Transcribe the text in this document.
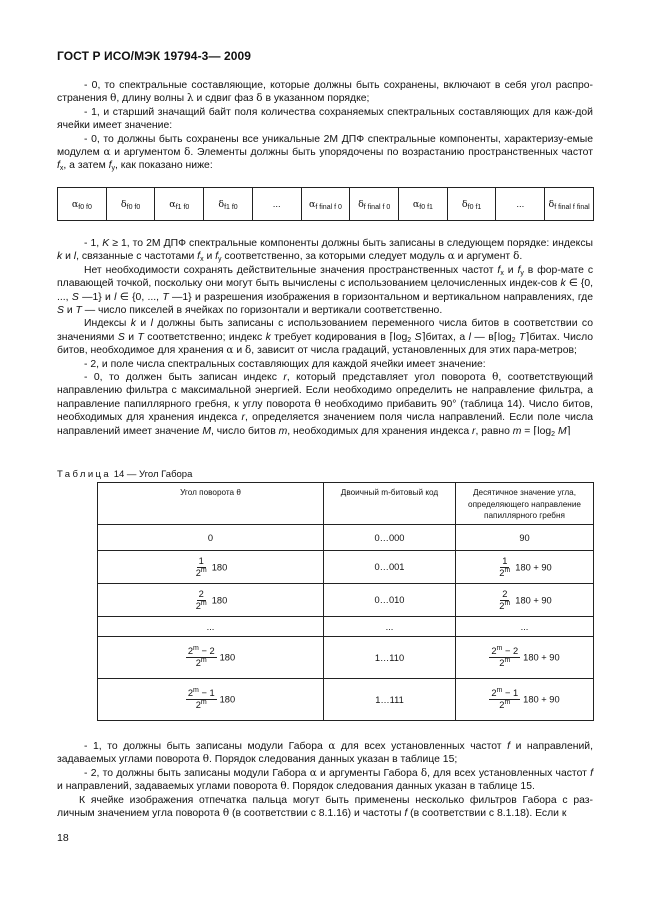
ГОСТ Р ИСО/МЭК 19794-3— 2009

- 0, то спектральные составляющие, которые должны быть сохранены, включают в себя угол распро-странения θ, длину волны λ и сдвиг фаз δ в указанном порядке;

- 1, и старший значащий байт поля количества сохраняемых спектральных составляющих для каж-дой ячейки имеет значение:

- 0, то должны быть сохранены все уникальные 2М ДПФ спектральные компоненты, характеризу-емые модулем α и аргументом δ. Элементы должны быть упорядочены по возрастанию пространственных частот $f_x$, а затем $f_y$, как показано ниже:

$\alpha_{f0 f0}$	$\delta_{f0 f0}$	$\alpha_{f1 f0}$	$\delta_{f1 f0}$	...	$\alpha_{f final f 0}$	$\delta_{f final f 0}$	$\alpha_{f0 f1}$	$\delta_{f0 f1}$	...	$\delta_{f final f final}$

- 1, K ≥ 1, то 2М ДПФ спектральные компоненты должны быть записаны в следующем порядке: индексы k и l, связанные с частотами $f_x$ и $f_y$ соответственно, за которыми следует модуль α и аргумент δ.

Нет необходимости сохранять действительные значения пространственных частот $f_x$ и $f_y$ в фор-мате с плавающей точкой, поскольку они могут быть вычислены с использованием целочисленных индек-сов k ∈ {0, ..., S —1} и l ∈ {0, ..., T —1} и разрешения изображения в горизонтальном и вертикальном направлениях, где S и T — число пикселей в ячейках по горизонтали и вертикали соответственно.

Индексы k и l должны быть записаны с использованием переменного числа битов в соответствии со значениями S и T соответственно; индекс k требует кодирования в $⌈\log_2$ S⌉битах, а l — $в⌈\log_2$ T⌉битах. Число битов, необходимое для хранения α и δ, зависит от числа градаций, установленных для этих пара-метров;

- 2, и поле числа спектральных составляющих для каждой ячейки имеет значение:

- 0, то должен быть записан индекс r, который представляет угол поворота θ, соответствующий направлению фильтра с максимальной энергией. Если необходимо определить не направление фильтра, а направление папиллярного гребня, к углу поворота θ необходимо прибавить 90° (таблица 14). Число битов, необходимых для хранения индекса r, определяется значением поля числа направлений. Если поле числа направлений имеет значение M, число битов m, необходимых для хранения индекса r, равно $m = ⌈\log_2$ M⌉

Таблица 14 — Угол Габора
Угол поворота θ	Двоичный m-битовый код	Десятичное значение угла, определяющего направление папиллярного гребня
0	0…000	90

$\frac{1}{2^m} 180$	0…001	$\frac{1}{2^m} 180 + 90$

$\frac{2}{2^m} 180$	0…010	$\frac{2}{2^m} 180 + 90$
...	...	...

$\frac{2^m - 2}{2^m} 180$	1…110	$\frac{2^m - 2}{2^m} 180 + 90$

$\frac{2^m - 1}{2^m} 180$	1…111	$\frac{2^m - 1}{2^m} 180 + 90$

- 1, то должны быть записаны модули Габора α для всех установленных частот f и направлений, задаваемых углами поворота θ. Порядок следования данных указан в таблице 15;

- 2, то должны быть записаны модули Габора α и аргументы Габора δ, для всех установленных частот f и направлений, задаваемых углами поворота θ. Порядок следования данных указан в таблице 15.

К ячейке изображения отпечатка пальца могут быть применены несколько фильтров Габора с раз-личным значением угла поворота θ (в соответствии с 8.1.16) и частоты f (в соответствии с 8.1.18). Если к

18
